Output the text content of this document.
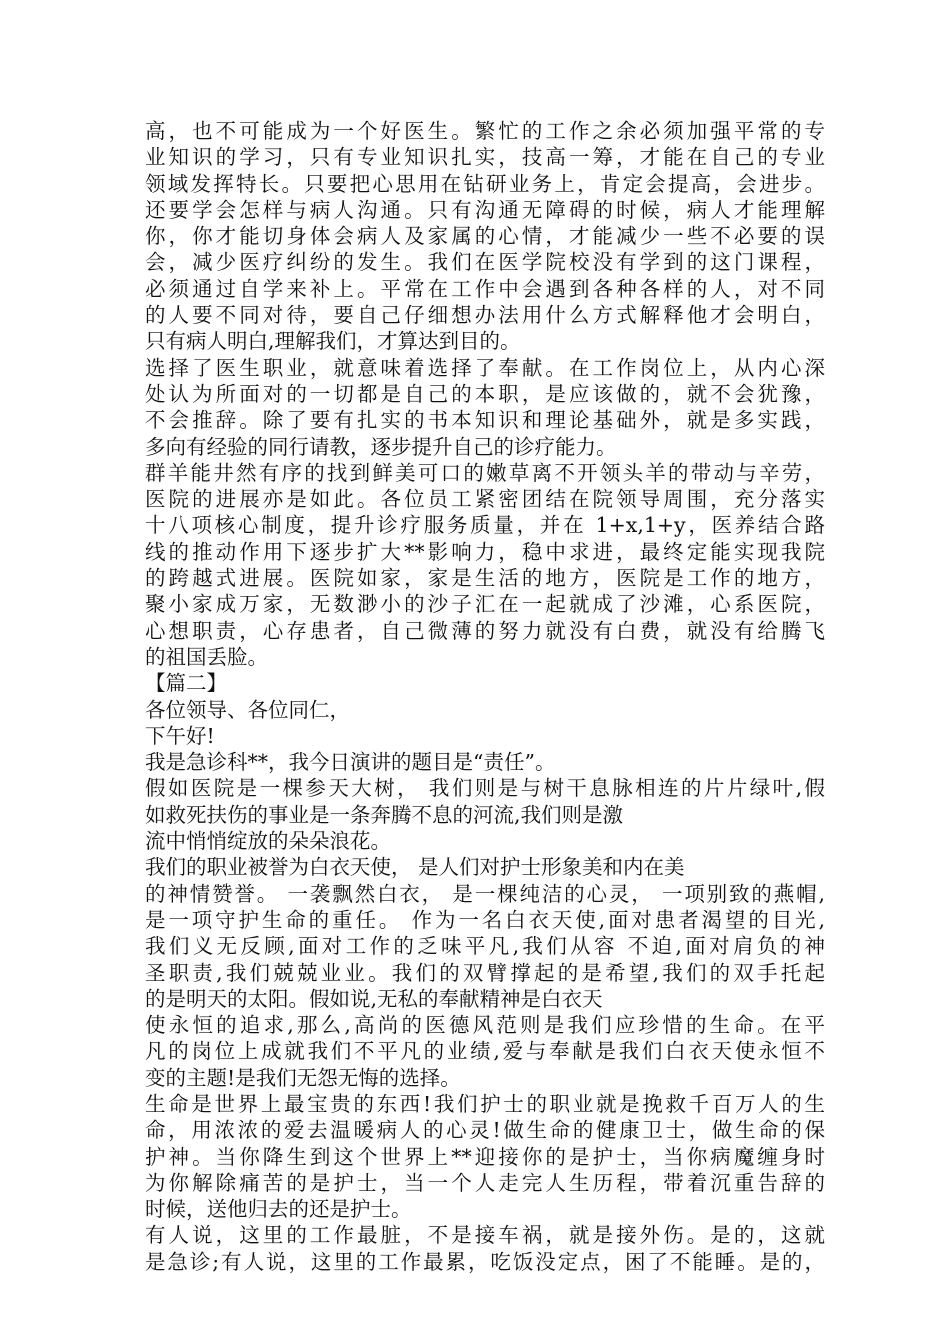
高，也不可能成为一个好医生。繁忙的工作之余必须加强平常的专
业知识的学习，只有专业知识扎实，技高一筹，才能在自己的专业
领域发挥特长。只要把心思用在钻研业务上，肯定会提高，会进步。
还要学会怎样与病人沟通。只有沟通无障碍的时候，病人才能理解
你，你才能切身体会病人及家属的心情，才能减少一些不必要的误
会，减少医疗纠纷的发生。我们在医学院校没有学到的这门课程，
必须通过自学来补上。平常在工作中会遇到各种各样的人，对不同
的人要不同对待，要自己仔细想办法用什么方式解释他才会明白，
只有病人明白,理解我们，才算达到目的。
选择了医生职业，就意味着选择了奉献。在工作岗位上，从内心深
处认为所面对的一切都是自己的本职，是应该做的，就不会犹豫，
不会推辞。除了要有扎实的书本知识和理论基础外，就是多实践，
多向有经验的同行请教，逐步提升自己的诊疗能力。
群羊能井然有序的找到鲜美可口的嫩草离不开领头羊的带动与辛劳，
医院的进展亦是如此。各位员工紧密团结在院领导周围，充分落实
十八项核心制度，提升诊疗服务质量，并在 1+x,1+y，医养结合路
线的推动作用下逐步扩大**影响力，稳中求进，最终定能实现我院
的跨越式进展。医院如家，家是生活的地方，医院是工作的地方，
聚小家成万家，无数渺小的沙子汇在一起就成了沙滩，心系医院，
心想职责，心存患者，自己微薄的努力就没有白费，就没有给腾飞
的祖国丢脸。
【篇二】
各位领导、各位同仁，
下午好!
我是急诊科**，我今日演讲的题目是“责任”。
假如医院是一棵参天大树， 我们则是与树干息脉相连的片片绿叶,假
如救死扶伤的事业是一条奔腾不息的河流,我们则是激
流中悄悄绽放的朵朵浪花。
我们的职业被誉为白衣天使， 是人们对护士形象美和内在美
的神情赞誉。 一袭飘然白衣， 是一棵纯洁的心灵， 一项别致的燕帽,
是一项守护生命的重任。 作为一名白衣天使,面对患者渴望的目光,
我们义无反顾,面对工作的乏味平凡,我们从容 不迫,面对肩负的神
圣职责,我们兢兢业业。我们的双臂撑起的是希望,我们的双手托起
的是明天的太阳。假如说,无私的奉献精神是白衣天
使永恒的追求,那么,高尚的医德风范则是我们应珍惜的生命。在平
凡的岗位上成就我们不平凡的业绩,爱与奉献是我们白衣天使永恒不
变的主题!是我们无怨无悔的选择。
生命是世界上最宝贵的东西!我们护士的职业就是挽救千百万人的生
命，用浓浓的爱去温暖病人的心灵!做生命的健康卫士，做生命的保
护神。当你降生到这个世界上**迎接你的是护士，当你病魔缠身时
为你解除痛苦的是护士，当一个人走完人生历程，带着沉重告辞的
时候，送他归去的还是护士。
有人说，这里的工作最脏，不是接车祸，就是接外伤。是的，这就
是急诊;有人说，这里的工作最累，吃饭没定点，困了不能睡。是的，
